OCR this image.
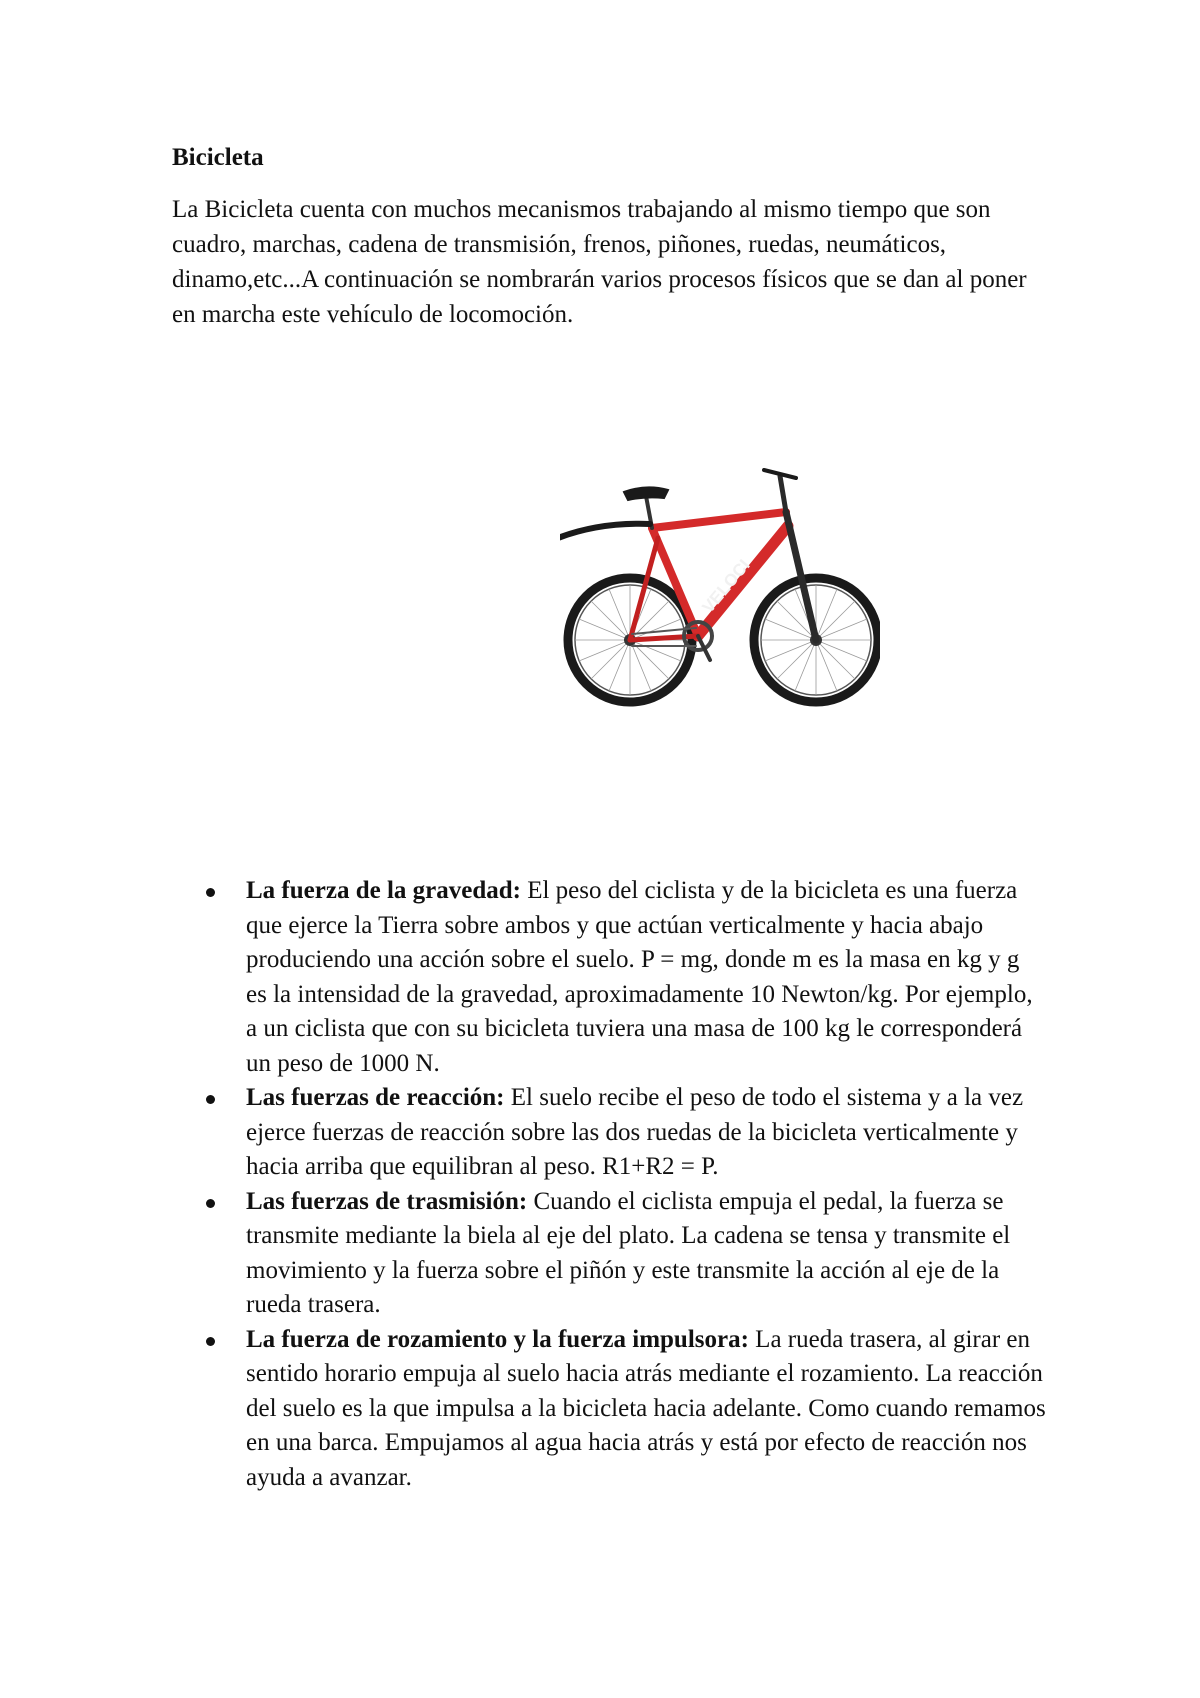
Bicicleta

La Bicicleta cuenta con muchos mecanismos trabajando al mismo tiempo que son cuadro, marchas, cadena de transmisión, frenos, piñones, ruedas, neumáticos, dinamo,etc...A continuación se nombrarán varios procesos físicos que se dan al poner en marcha este vehículo de locomoción.

VELOCI
La fuerza de la gravedad: El peso del ciclista y de la bicicleta es una fuerza que ejerce la Tierra sobre ambos y que actúan verticalmente y hacia abajo produciendo una acción sobre el suelo. P = mg, donde m es la masa en kg y g es la intensidad de la gravedad, aproximadamente 10 Newton/kg. Por ejemplo, a un ciclista que con su bicicleta tuviera una masa de 100 kg le corresponderá un peso de 1000 N.
Las fuerzas de reacción: El suelo recibe el peso de todo el sistema y a la vez ejerce fuerzas de reacción sobre las dos ruedas de la bicicleta verticalmente y hacia arriba que equilibran al peso. R1+R2 = P.
Las fuerzas de trasmisión: Cuando el ciclista empuja el pedal, la fuerza se transmite mediante la biela al eje del plato. La cadena se tensa y transmite el movimiento y la fuerza sobre el piñón y este transmite la acción al eje de la rueda trasera.
La fuerza de rozamiento y la fuerza impulsora: La rueda trasera, al girar en sentido horario empuja al suelo hacia atrás mediante el rozamiento. La reacción del suelo es la que impulsa a la bicicleta hacia adelante. Como cuando remamos en una barca. Empujamos al agua hacia atrás y está por efecto de reacción nos ayuda a avanzar.
